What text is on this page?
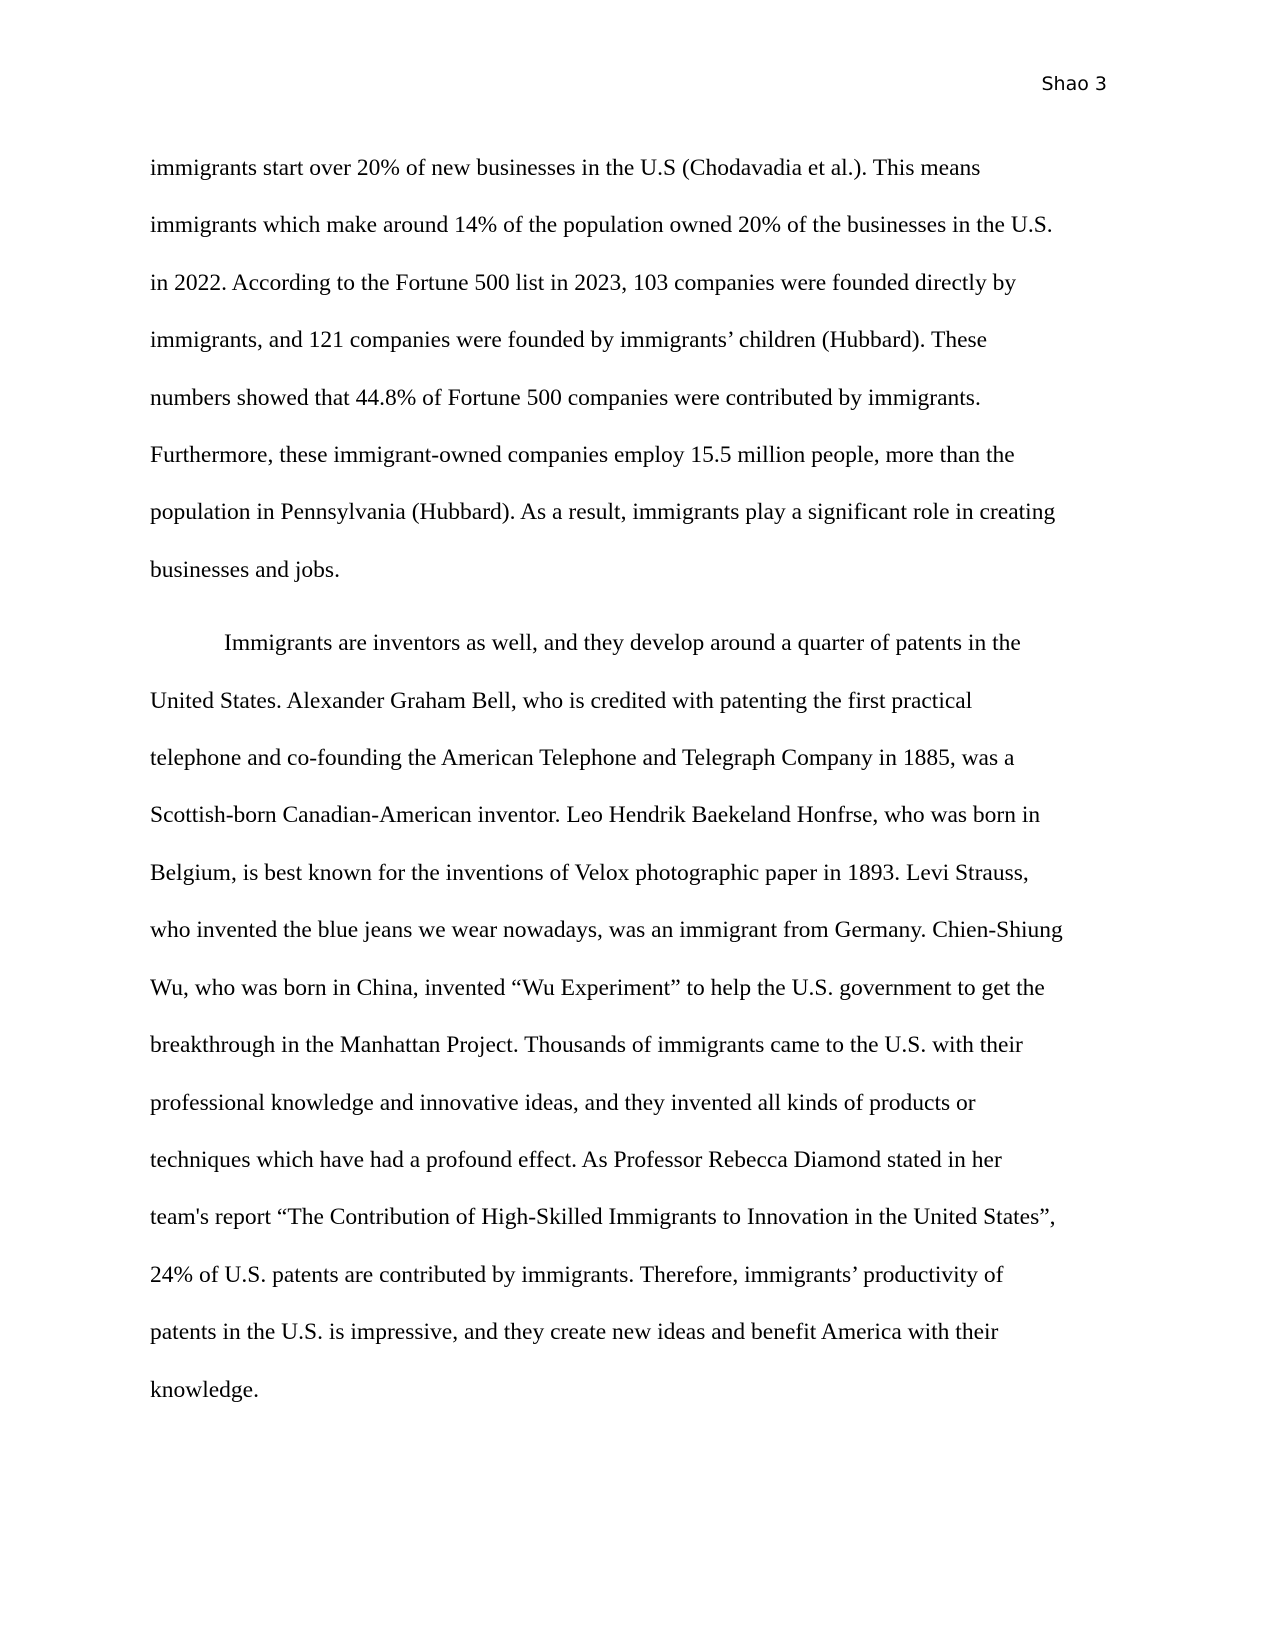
Shao 3

immigrants start over 20% of new businesses in the U.S (Chodavadia et al.). This means
immigrants which make around 14% of the population owned 20% of the businesses in the U.S.
in 2022. According to the Fortune 500 list in 2023, 103 companies were founded directly by
immigrants, and 121 companies were founded by immigrants’ children (Hubbard). These
numbers showed that 44.8% of Fortune 500 companies were contributed by immigrants.
Furthermore, these immigrant-owned companies employ 15.5 million people, more than the
population in Pennsylvania (Hubbard). As a result, immigrants play a significant role in creating
businesses and jobs.

Immigrants are inventors as well, and they develop around a quarter of patents in the
United States. Alexander Graham Bell, who is credited with patenting the first practical
telephone and co-founding the American Telephone and Telegraph Company in 1885, was a
Scottish-born Canadian-American inventor. Leo Hendrik Baekeland Honfrse, who was born in
Belgium, is best known for the inventions of Velox photographic paper in 1893. Levi Strauss,
who invented the blue jeans we wear nowadays, was an immigrant from Germany. Chien-Shiung
Wu, who was born in China, invented “Wu Experiment” to help the U.S. government to get the
breakthrough in the Manhattan Project. Thousands of immigrants came to the U.S. with their
professional knowledge and innovative ideas, and they invented all kinds of products or
techniques which have had a profound effect. As Professor Rebecca Diamond stated in her
team's report “The Contribution of High-Skilled Immigrants to Innovation in the United States”,
24% of U.S. patents are contributed by immigrants. Therefore, immigrants’ productivity of
patents in the U.S. is impressive, and they create new ideas and benefit America with their
knowledge.
